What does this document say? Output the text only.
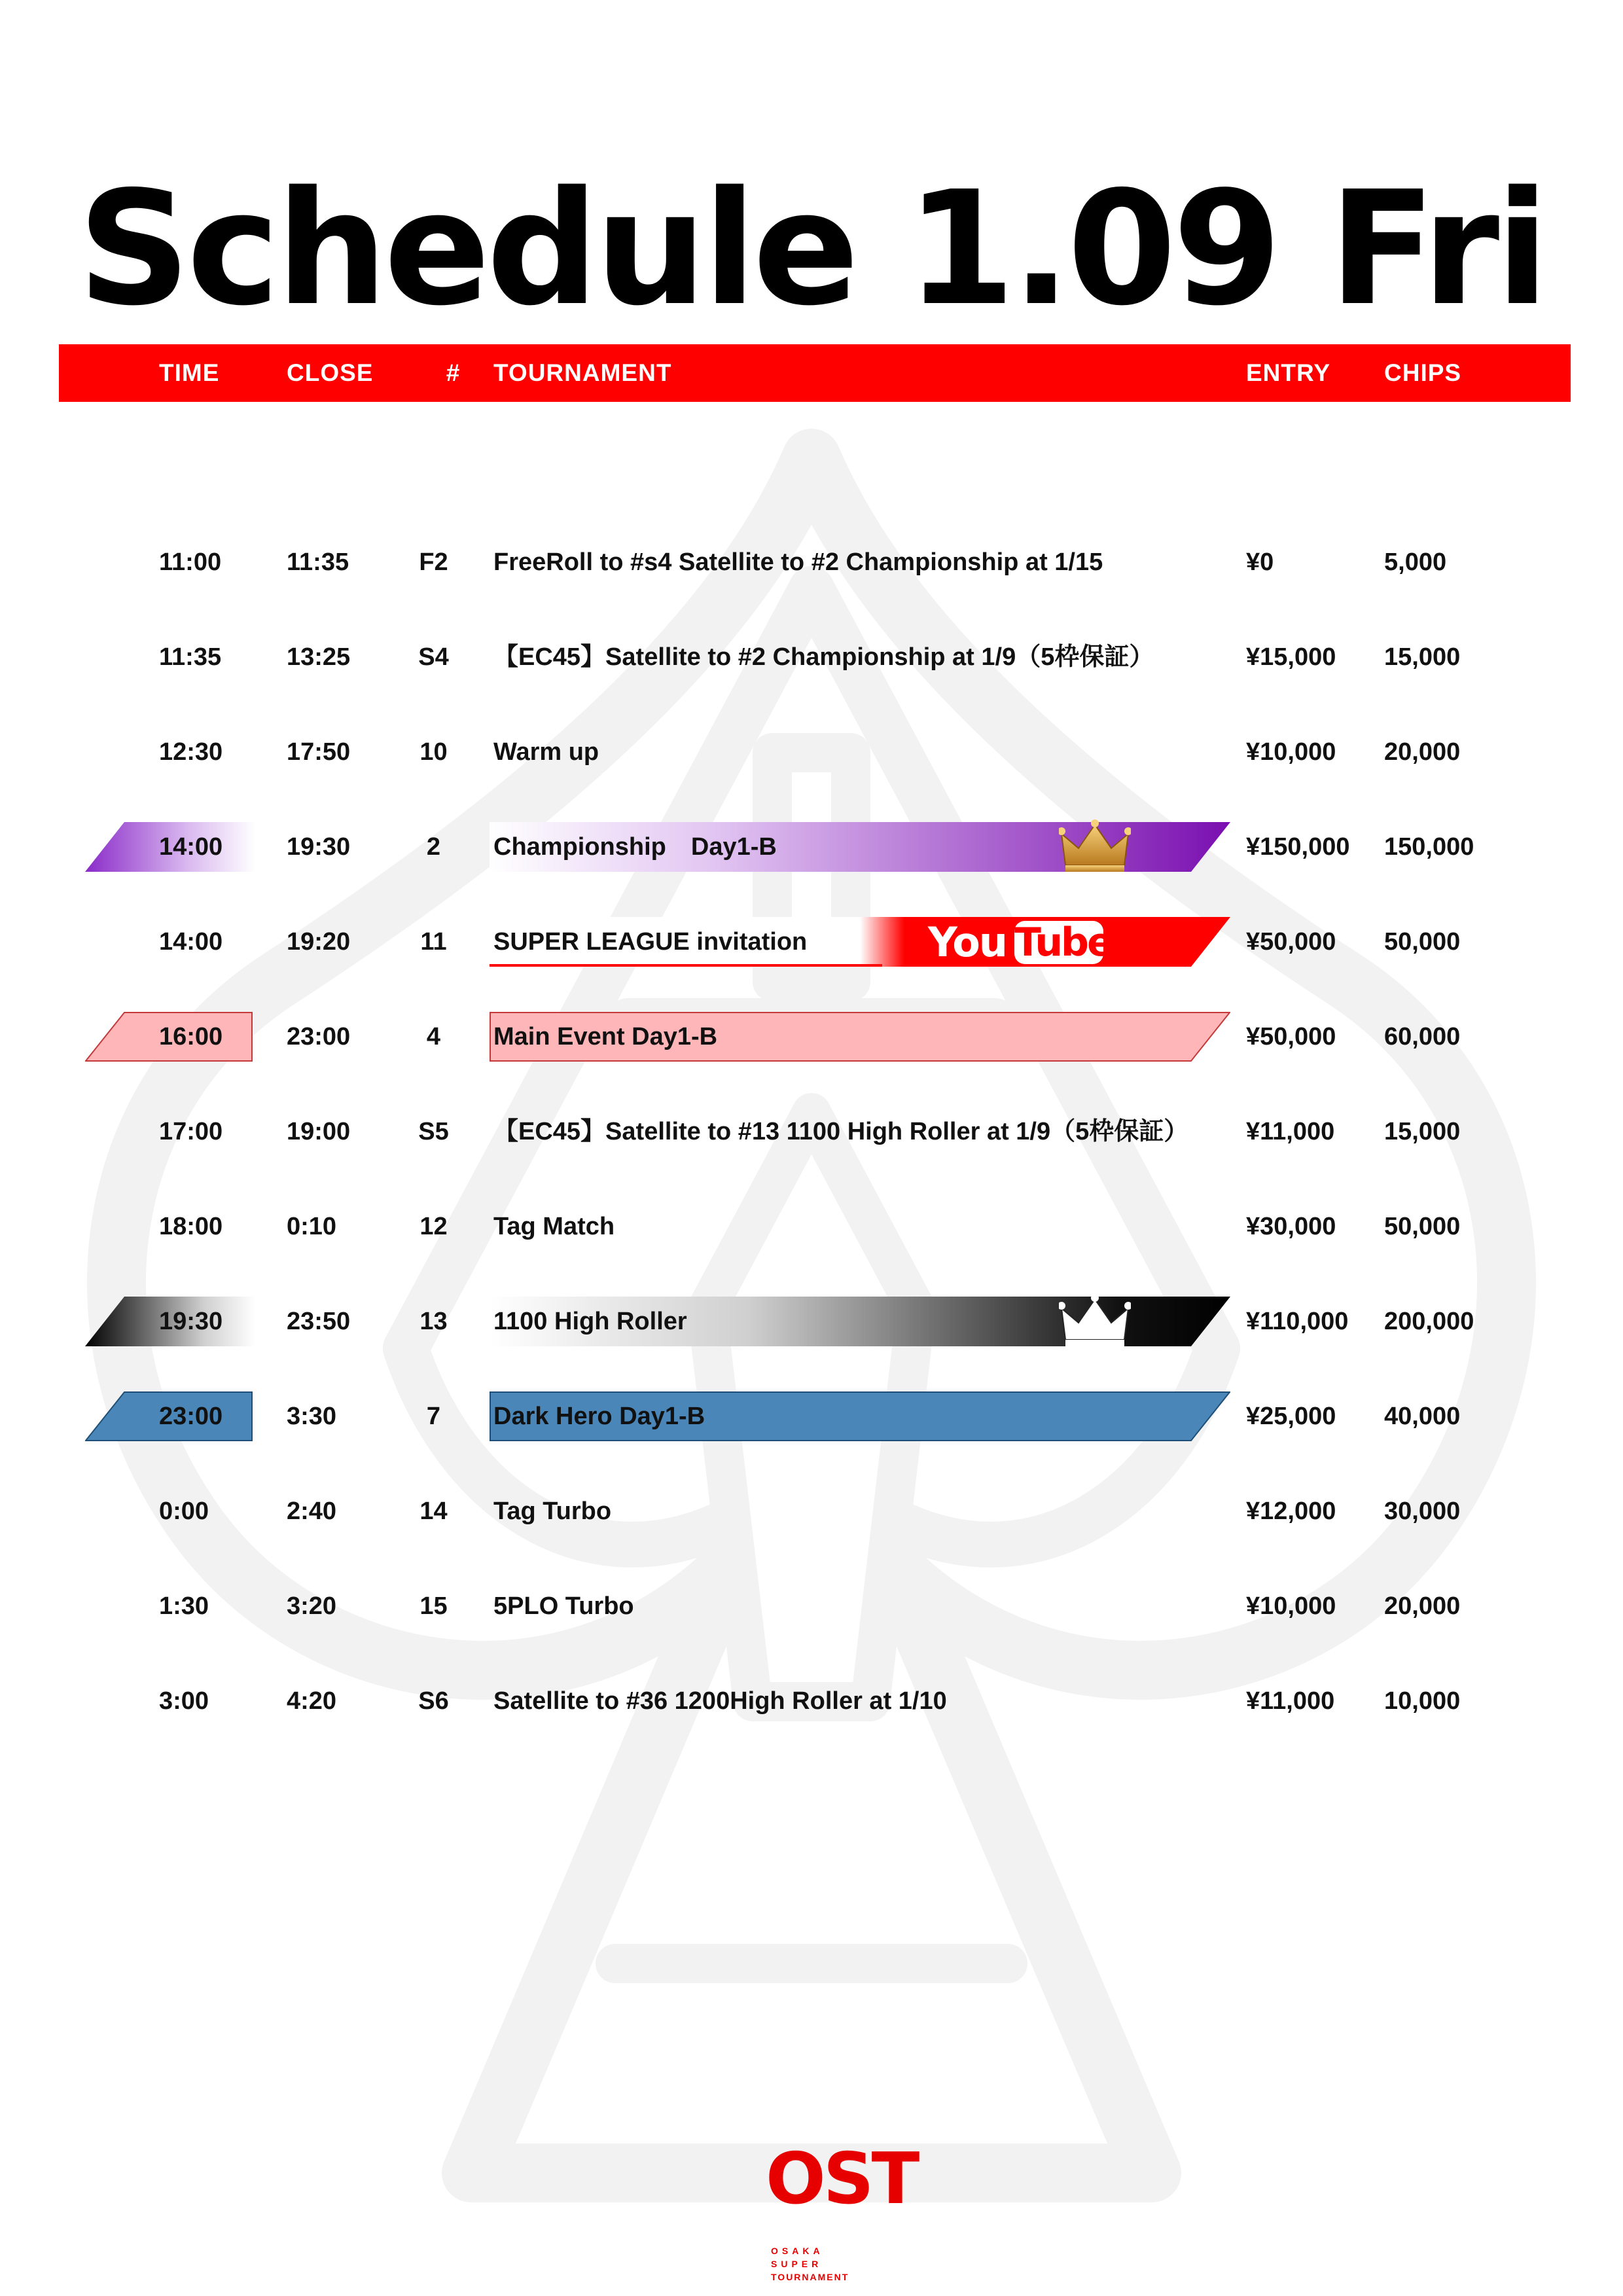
Schedule 1.09 Fri
TIME	CLOSE	#	TOURNAMENT	ENTRY CHIPS
11:00	11:35	F2	FreeRoll to #s4 Satellite to #2 Championship at 1/15	¥0	5,000
11:35	13:25	S4	【EC45】Satellite to #2 Championship at 1/9（5枠保証）	¥15,000 15,000
12:30	17:50	10	Warm up	¥10,000 20,000
14:00	19:30	2	Championship　Day1-B	¥150,000 150,000
You Tube
14:00	19:20	11	SUPER LEAGUE invitation	¥50,000 50,000
16:00	23:00	4	Main Event Day1-B	¥50,000 60,000
17:00	19:00	S5	【EC45】Satellite to #13 1100 High Roller at 1/9（5枠保証） ¥11,000 15,000
18:00	0:10	12	Tag Match	¥30,000 50,000
19:30	23:50	13	1100 High Roller	¥110,000 200,000
23:00	3:30	7	Dark Hero Day1-B	¥25,000 40,000
0:00	2:40	14	Tag Turbo	¥12,000 30,000
1:30	3:20	15	5PLO Turbo	¥10,000 20,000
3:00	4:20	S6	Satellite to #36 1200High Roller at 1/10	¥11,000 10,000
OST
OSAKA
SUPER
TOURNAMENT
